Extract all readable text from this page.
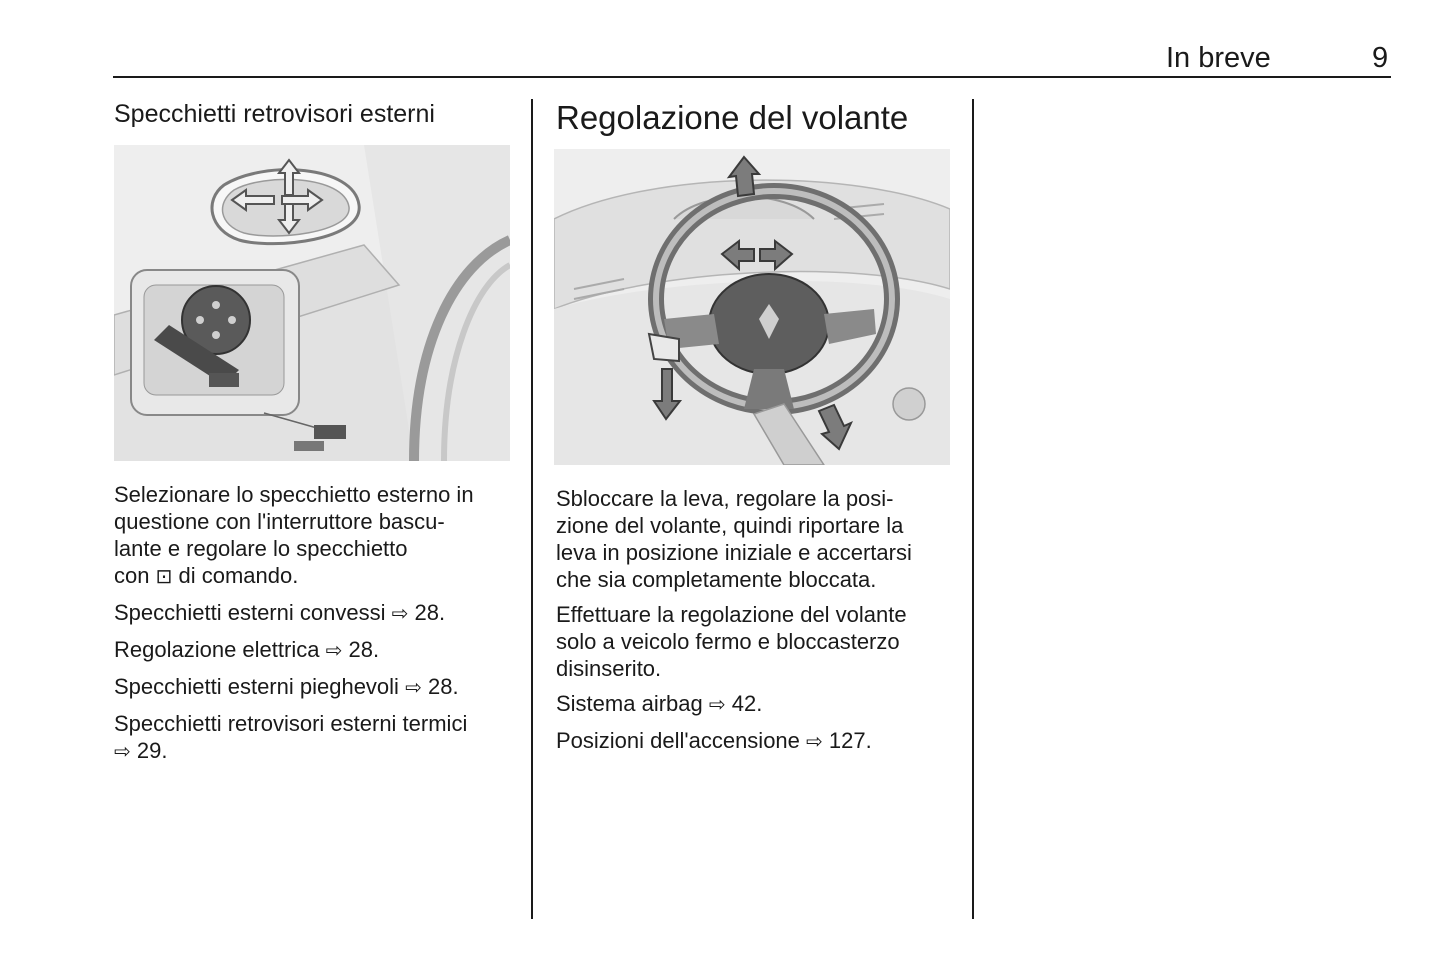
In breve	9
Specchietti retrovisori esterni

Selezionare lo specchietto esterno in

questione con l'interruttore bascu-

lante e regolare lo specchietto

con ⊡ di comando.

Specchietti esterni convessi ⇨ 28.

Regolazione elettrica ⇨ 28.

Specchietti esterni pieghevoli ⇨ 28.

Specchietti retrovisori esterni termici

⇨ 29.

Regolazione del volante

Sbloccare la leva, regolare la posi-

zione del volante, quindi riportare la

leva in posizione iniziale e accertarsi

che sia completamente bloccata.

Effettuare la regolazione del volante

solo a veicolo fermo e bloccasterzo

disinserito.

Sistema airbag ⇨ 42.

Posizioni dell'accensione ⇨ 127.
